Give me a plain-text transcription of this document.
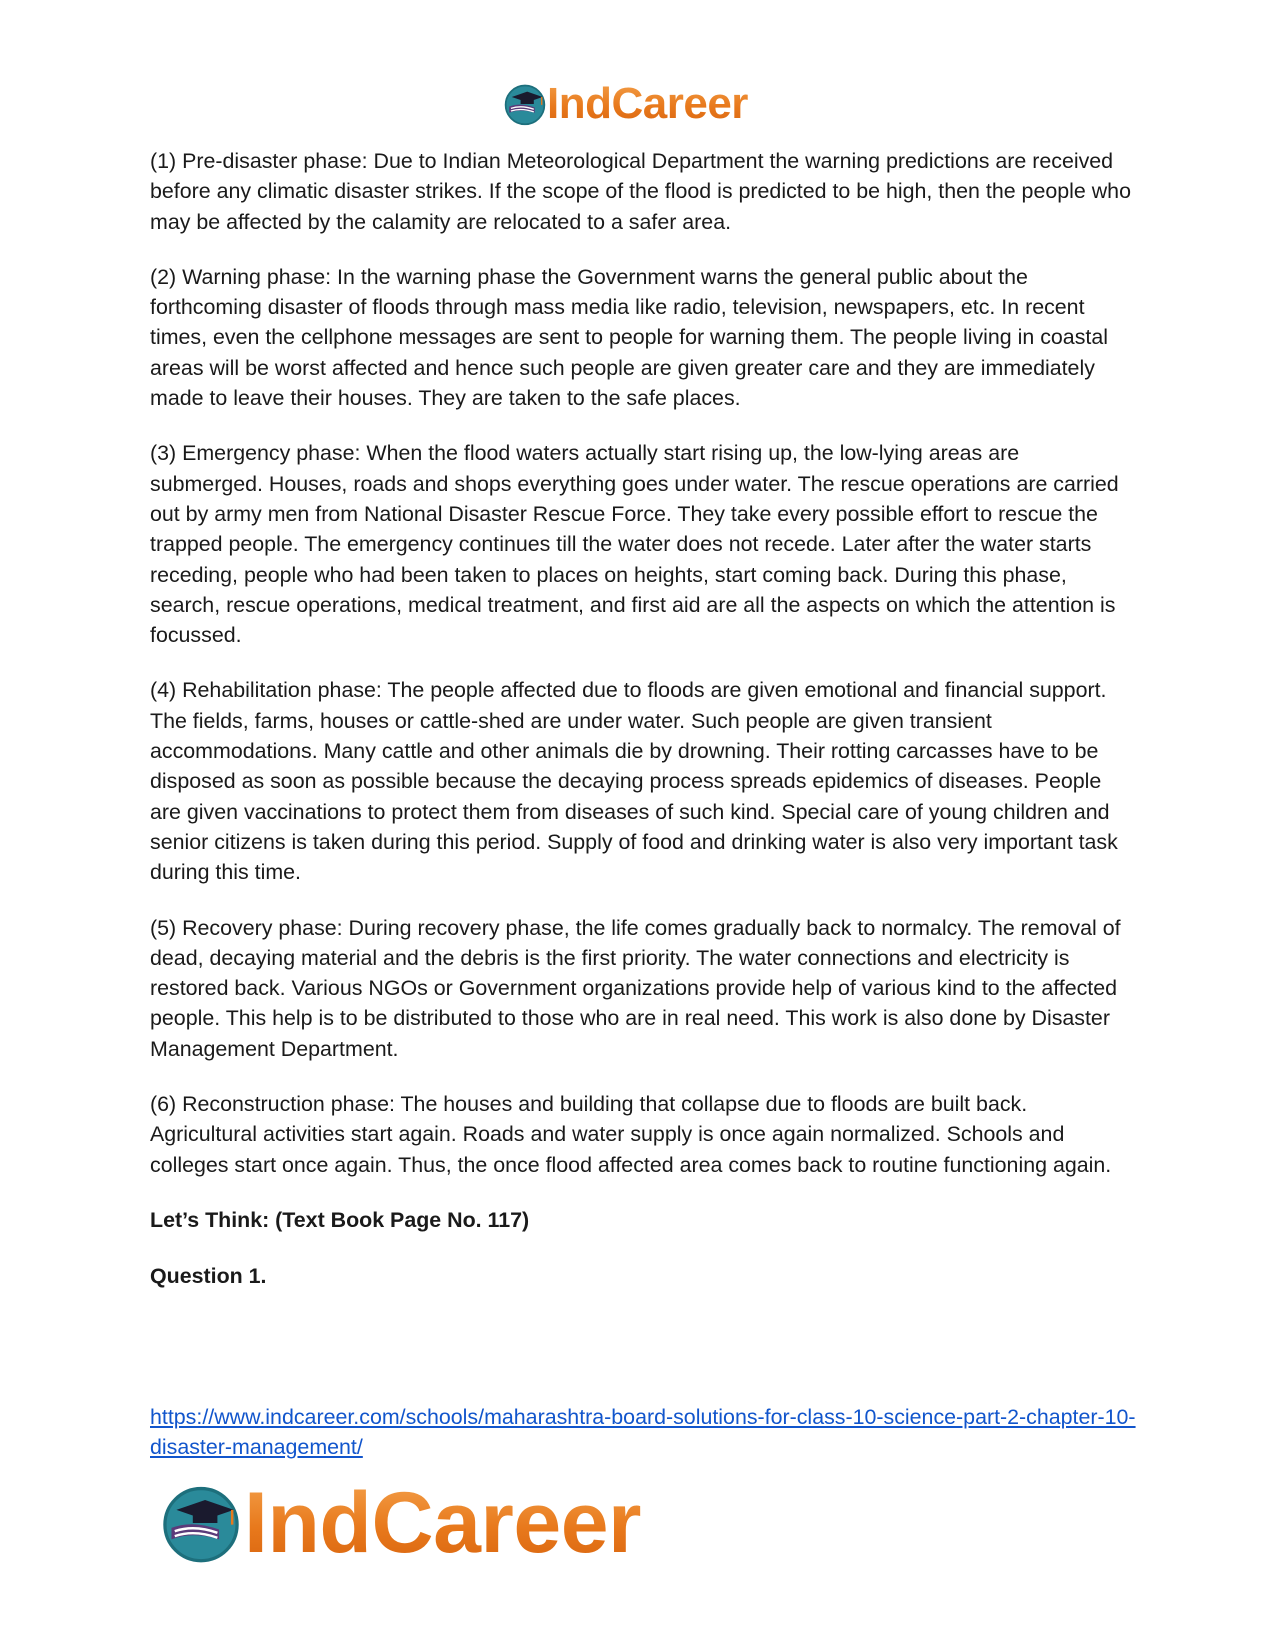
IndCareer

(1) Pre-disaster phase: Due to Indian Meteorological Department the warning predictions are received before any climatic disaster strikes. If the scope of the flood is predicted to be high, then the people who may be affected by the calamity are relocated to a safer area.

(2) Warning phase: In the warning phase the Government warns the general public about the forthcoming disaster of floods through mass media like radio, television, newspapers, etc. In recent times, even the cellphone messages are sent to people for warning them. The people living in coastal areas will be worst affected and hence such people are given greater care and they are immediately made to leave their houses. They are taken to the safe places.

(3) Emergency phase: When the flood waters actually start rising up, the low-lying areas are submerged. Houses, roads and shops everything goes under water. The rescue operations are carried out by army men from National Disaster Rescue Force. They take every possible effort to rescue the trapped people. The emergency continues till the water does not recede. Later after the water starts receding, people who had been taken to places on heights, start coming back. During this phase, search, rescue operations, medical treatment, and first aid are all the aspects on which the attention is focussed.

(4) Rehabilitation phase: The people affected due to floods are given emotional and financial support. The fields, farms, houses or cattle-shed are under water. Such people are given transient accommodations. Many cattle and other animals die by drowning. Their rotting carcasses have to be disposed as soon as possible because the decaying process spreads epidemics of diseases. People are given vaccinations to protect them from diseases of such kind. Special care of young children and senior citizens is taken during this period. Supply of food and drinking water is also very important task during this time.

(5) Recovery phase: During recovery phase, the life comes gradually back to normalcy. The removal of dead, decaying material and the debris is the first priority. The water connections and electricity is restored back. Various NGOs or Government organizations provide help of various kind to the affected people. This help is to be distributed to those who are in real need. This work is also done by Disaster Management Department.

(6) Reconstruction phase: The houses and building that collapse due to floods are built back. Agricultural activities start again. Roads and water supply is once again normalized. Schools and colleges start once again. Thus, the once flood affected area comes back to routine functioning again.

Let’s Think: (Text Book Page No. 117)

Question 1.

https://www.indcareer.com/schools/maharashtra-board-solutions-for-class-10-science-part-2-chapter-10-disaster-management/
IndCareer
